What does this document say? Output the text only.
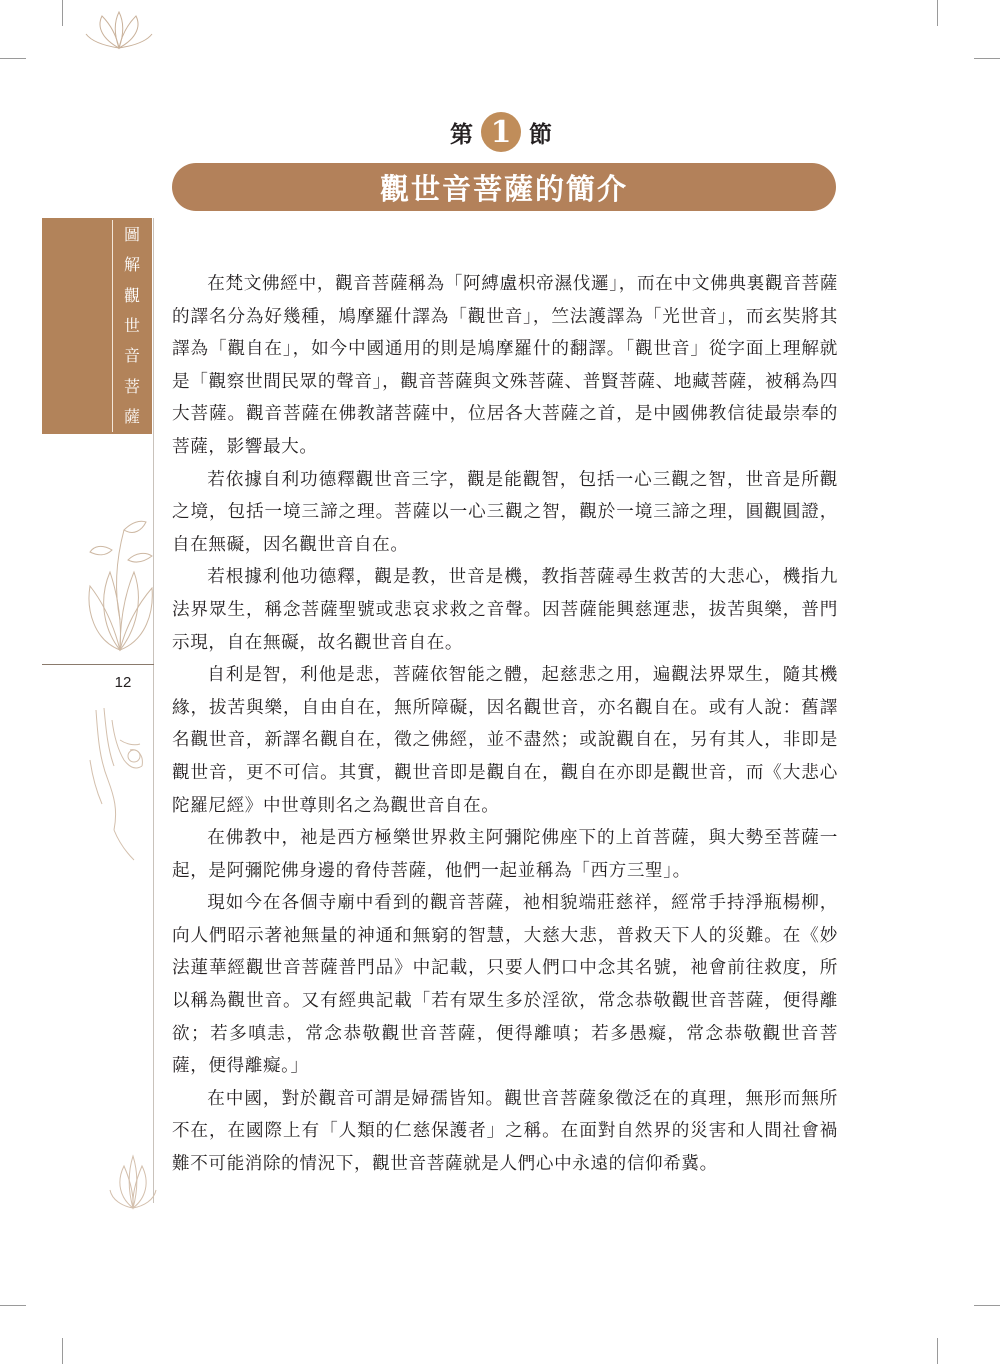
圖
解
觀
世
音
菩
薩
12
第 1 節
觀世音菩薩的簡介

在梵文佛經中，觀音菩薩稱為「阿縛盧枳帝濕伐邏」，而在中文佛典裏觀音菩薩的譯名分為好幾種，鳩摩羅什譯為「觀世音」，竺法護譯為「光世音」，而玄奘將其譯為「觀自在」，如今中國通用的則是鳩摩羅什的翻譯。「觀世音」從字面上理解就是「觀察世間民眾的聲音」，觀音菩薩與文殊菩薩、普賢菩薩、地藏菩薩，被稱為四大菩薩。觀音菩薩在佛教諸菩薩中，位居各大菩薩之首，是中國佛教信徒最崇奉的菩薩，影響最大。

若依據自利功德釋觀世音三字，觀是能觀智，包括一心三觀之智，世音是所觀之境，包括一境三諦之理。菩薩以一心三觀之智，觀於一境三諦之理，圓觀圓證，自在無礙，因名觀世音自在。

若根據利他功德釋，觀是教，世音是機，教指菩薩尋生救苦的大悲心，機指九法界眾生，稱念菩薩聖號或悲哀求救之音聲。因菩薩能興慈運悲，拔苦與樂，普門示現，自在無礙，故名觀世音自在。

自利是智，利他是悲，菩薩依智能之體，起慈悲之用，遍觀法界眾生，隨其機緣，拔苦與樂，自由自在，無所障礙，因名觀世音，亦名觀自在。或有人說：舊譯名觀世音，新譯名觀自在，徵之佛經，並不盡然；或說觀自在，另有其人，非即是觀世音，更不可信。其實，觀世音即是觀自在，觀自在亦即是觀世音，而《大悲心陀羅尼經》中世尊則名之為觀世音自在。

在佛教中，祂是西方極樂世界救主阿彌陀佛座下的上首菩薩，與大勢至菩薩一起，是阿彌陀佛身邊的脅侍菩薩，他們一起並稱為「西方三聖」。

現如今在各個寺廟中看到的觀音菩薩，祂相貌端莊慈祥，經常手持淨瓶楊柳，向人們昭示著祂無量的神通和無窮的智慧，大慈大悲，普救天下人的災難。在《妙法蓮華經觀世音菩薩普門品》中記載，只要人們口中念其名號，祂會前往救度，所以稱為觀世音。又有經典記載「若有眾生多於淫欲，常念恭敬觀世音菩薩，便得離欲；若多嗔恚，常念恭敬觀世音菩薩，便得離嗔；若多愚癡，常念恭敬觀世音菩薩，便得離癡。」

在中國，對於觀音可謂是婦孺皆知。觀世音菩薩象徵泛在的真理，無形而無所不在，在國際上有「人類的仁慈保護者」之稱。在面對自然界的災害和人間社會禍難不可能消除的情況下，觀世音菩薩就是人們心中永遠的信仰希冀。
